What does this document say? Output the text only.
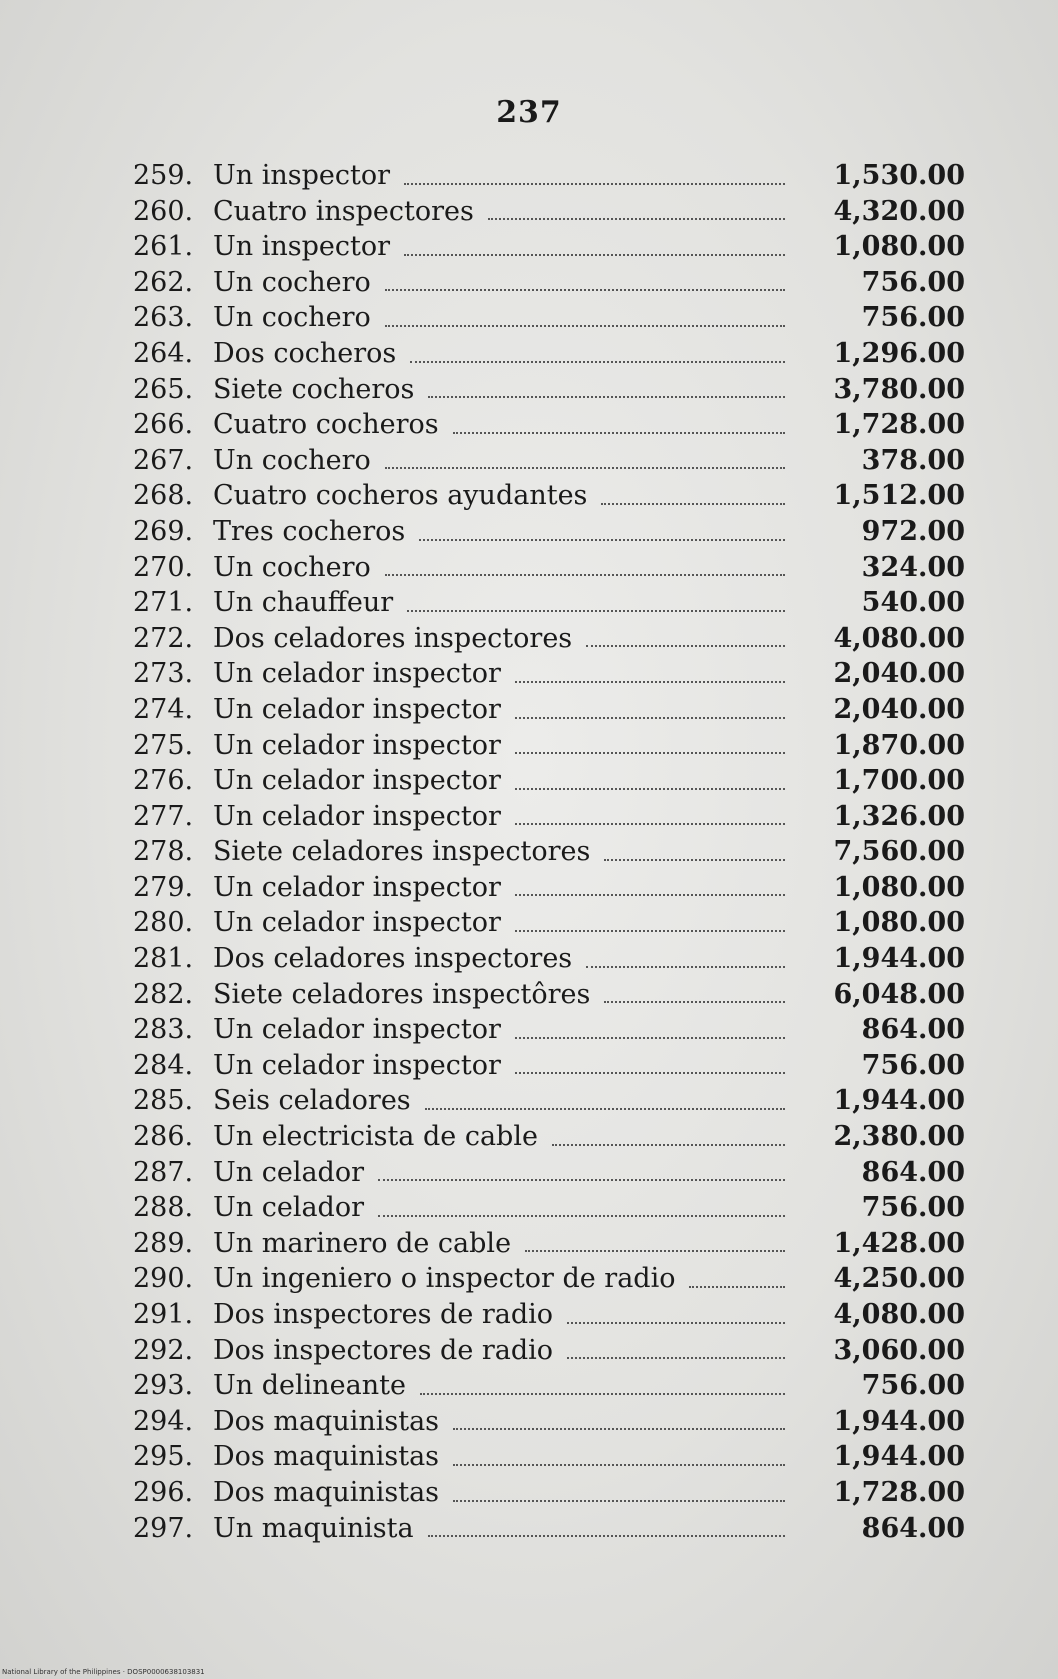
237
259. Un inspector	1,530.00
260. Cuatro inspectores	4,320.00
261. Un inspector	1,080.00
262. Un cochero	756.00
263. Un cochero	756.00
264. Dos cocheros	1,296.00
265. Siete cocheros	3,780.00
266. Cuatro cocheros	1,728.00
267. Un cochero	378.00
268. Cuatro cocheros ayudantes	1,512.00
269. Tres cocheros	972.00
270. Un cochero	324.00
271. Un chauffeur	540.00
272. Dos celadores inspectores	4,080.00
273. Un celador inspector	2,040.00
274. Un celador inspector	2,040.00
275. Un celador inspector	1,870.00
276. Un celador inspector	1,700.00
277. Un celador inspector	1,326.00
278. Siete celadores inspectores	7,560.00
279. Un celador inspector	1,080.00
280. Un celador inspector	1,080.00
281. Dos celadores inspectores	1,944.00
282. Siete celadores inspectôres	6,048.00
283. Un celador inspector	864.00
284. Un celador inspector	756.00
285. Seis celadores	1,944.00
286. Un electricista de cable	2,380.00
287. Un celador	864.00
288. Un celador	756.00
289. Un marinero de cable	1,428.00
290. Un ingeniero o inspector de radio	4,250.00
291. Dos inspectores de radio	4,080.00
292. Dos inspectores de radio	3,060.00
293. Un delineante	756.00
294. Dos maquinistas	1,944.00
295. Dos maquinistas	1,944.00
296. Dos maquinistas	1,728.00
297. Un maquinista	864.00
National Library of the Philippines · DOSP0000638103831
